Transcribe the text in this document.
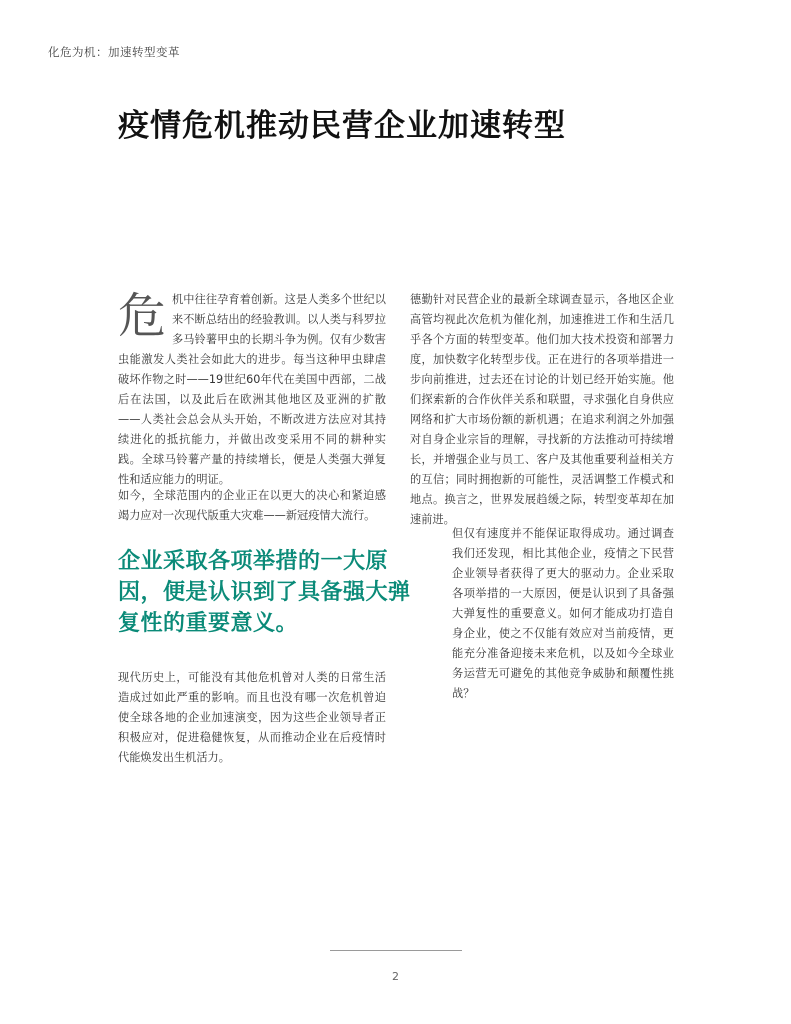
化危为机：加速转型变革
疫情危机推动民营企业加速转型
危 机中往往孕育着创新。这是人类多个世纪以来不断总结出的经验教训。以人类与科罗拉多马铃薯甲虫的长期斗争为例。仅有少数害虫能激发人类社会如此大的进步。每当这种甲虫肆虐破坏作物之时——19世纪60年代在美国中西部，二战后在法国，以及此后在欧洲其他地区及亚洲的扩散——人类社会总会从头开始，不断改进方法应对其持续进化的抵抗能力，并做出改变采用不同的耕种实践。全球马铃薯产量的持续增长，便是人类强大弹复性和适应能力的明证。

如今，全球范围内的企业正在以更大的决心和紧迫感竭力应对一次现代版重大灾难——新冠疫情大流行。

企业采取各项举措的一大原因，便是认识到了具备强大弹复性的重要意义。

现代历史上，可能没有其他危机曾对人类的日常生活造成过如此严重的影响。而且也没有哪一次危机曾迫使全球各地的企业加速演变，因为这些企业领导者正积极应对，促进稳健恢复，从而推动企业在后疫情时代能焕发出生机活力。

德勤针对民营企业的最新全球调查显示，各地区企业高管均视此次危机为催化剂，加速推进工作和生活几乎各个方面的转型变革。他们加大技术投资和部署力度，加快数字化转型步伐。正在进行的各项举措进一步向前推进，过去还在讨论的计划已经开始实施。他们探索新的合作伙伴关系和联盟，寻求强化自身供应网络和扩大市场份额的新机遇；在追求利润之外加强对自身企业宗旨的理解，寻找新的方法推动可持续增长，并增强企业与员工、客户及其他重要利益相关方的互信；同时拥抱新的可能性，灵活调整工作模式和地点。换言之，世界发展趋缓之际，转型变革却在加速前进。

但仅有速度并不能保证取得成功。通过调查我们还发现，相比其他企业，疫情之下民营企业领导者获得了更大的驱动力。企业采取各项举措的一大原因，便是认识到了具备强大弹复性的重要意义。如何才能成功打造自身企业，使之不仅能有效应对当前疫情，更能充分准备迎接未来危机，以及如今全球业务运营无可避免的其他竞争威胁和颠覆性挑战？

2
